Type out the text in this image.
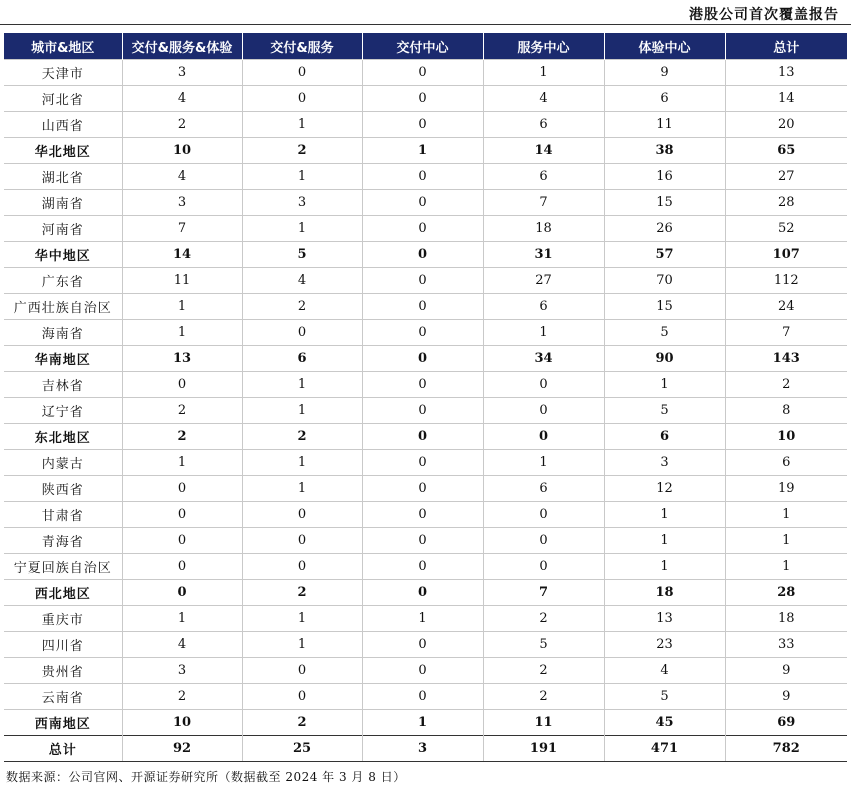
港股公司首次覆盖报告
城市&地区	交付&服务&体验	交付&服务	交付中心	服务中心	体验中心	总计
天津市	3	0	0	1	9	13
河北省	4	0	0	4	6	14
山西省	2	1	0	6	11	20
华北地区	10	2	1	14	38	65
湖北省	4	1	0	6	16	27
湖南省	3	3	0	7	15	28
河南省	7	1	0	18	26	52
华中地区	14	5	0	31	57	107
广东省	11	4	0	27	70	112
广西壮族自治区	1	2	0	6	15	24
海南省	1	0	0	1	5	7
华南地区	13	6	0	34	90	143
吉林省	0	1	0	0	1	2
辽宁省	2	1	0	0	5	8
东北地区	2	2	0	0	6	10
内蒙古	1	1	0	1	3	6
陕西省	0	1	0	6	12	19
甘肃省	0	0	0	0	1	1
青海省	0	0	0	0	1	1
宁夏回族自治区	0	0	0	0	1	1
西北地区	0	2	0	7	18	28
重庆市	1	1	1	2	13	18
四川省	4	1	0	5	23	33
贵州省	3	0	0	2	4	9
云南省	2	0	0	2	5	9
西南地区	10	2	1	11	45	69
总计	92	25	3	191	471	782
数据来源：公司官网、开源证券研究所（数据截至 2024 年 3 月 8 日）
